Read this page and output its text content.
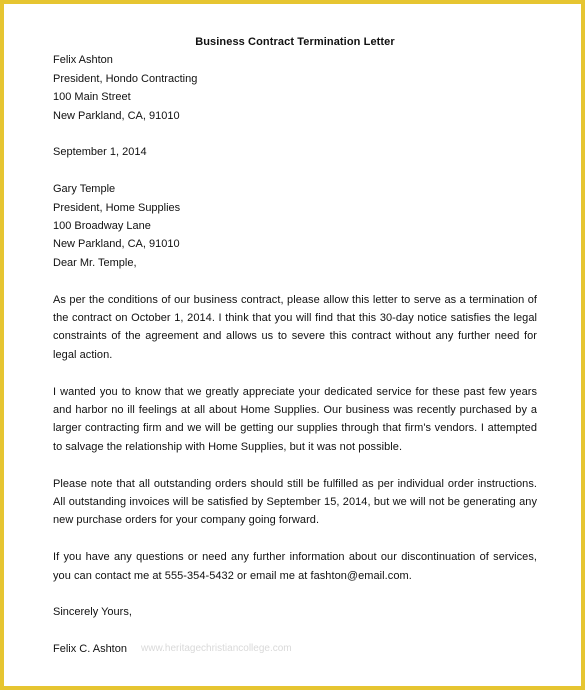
Business Contract Termination Letter
Felix Ashton
President, Hondo Contracting
100 Main Street
New Parkland, CA, 91010
September 1, 2014
Gary Temple
President, Home Supplies
100 Broadway Lane
New Parkland, CA, 91010
Dear Mr. Temple,

As per the conditions of our business contract, please allow this letter to serve as a termination of the contract on October 1, 2014. I think that you will find that this 30-day notice satisfies the legal constraints of the agreement and allows us to severe this contract without any further need for legal action.

I wanted you to know that we greatly appreciate your dedicated service for these past few years and harbor no ill feelings at all about Home Supplies. Our business was recently purchased by a larger contracting firm and we will be getting our supplies through that firm's vendors. I attempted to salvage the relationship with Home Supplies, but it was not possible.

Please note that all outstanding orders should still be fulfilled as per individual order instructions. All outstanding invoices will be satisfied by September 15, 2014, but we will not be generating any new purchase orders for your company going forward.

If you have any questions or need any further information about our discontinuation of services, you can contact me at 555-354-5432 or email me at fashton@email.com.

Sincerely Yours,
Felix C. Ashton www.heritagechristiancollege.com
